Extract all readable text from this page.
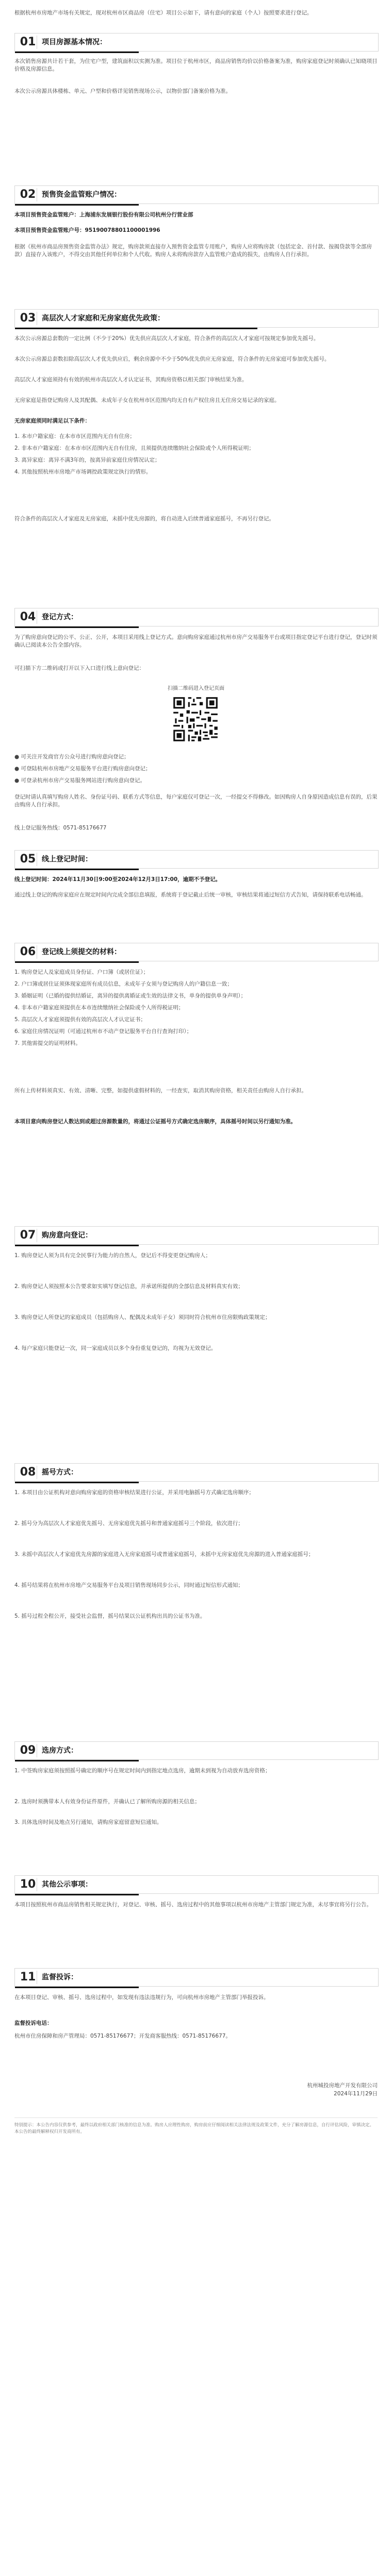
根据杭州市房地产市场有关规定，现对杭州市区商品房（住宅）项目公示如下，请有意向的家庭（个人）按照要求进行登记。

01 项目房源基本情况：

本次销售房源共计若干套，为住宅户型，建筑面积以实测为准。项目位于杭州市区，商品房销售均价以价格备案为准，购房家庭登记时须确认已知晓项目价格及房源信息。

本次公示房源具体楼栋、单元、户型和价格详见销售现场公示，以物价部门备案价格为准。

02 预售资金监管账户情况：

本项目预售资金监管账户：上海浦东发展银行股份有限公司杭州分行营业部

本项目预售资金监管账户号：95190078801100001996

根据《杭州市商品房预售资金监管办法》规定，购房款须直接存入预售资金监管专用账户，购房人应将购房款（包括定金、首付款、按揭贷款等全部房款）直接存入该账户，不得交由其他任何单位和个人代收。购房人未将购房款存入监管账户造成的损失，由购房人自行承担。

03 高层次人才家庭和无房家庭优先政策：

本次公示房源总套数的一定比例（不少于20%）优先供应高层次人才家庭，符合条件的高层次人才家庭可按规定参加优先摇号。

本次公示房源总套数扣除高层次人才优先供应后，剩余房源中不少于50%优先供应无房家庭，符合条件的无房家庭可参加优先摇号。

高层次人才家庭须持有有效的杭州市高层次人才认定证书，其购房资格以相关部门审核结果为准。

无房家庭是指登记购房人及其配偶、未成年子女在杭州市区范围内均无自有产权住房且无住房交易记录的家庭。

无房家庭须同时满足以下条件：

1. 本市户籍家庭：在本市市区范围内无自有住房；
2. 非本市户籍家庭：在本市市区范围内无自有住房，且须提供连续缴纳社会保险或个人所得税证明；
3. 离异家庭：离异不满3年的，按离异前家庭住房情况认定；
4. 其他按照杭州市房地产市场调控政策规定执行的情形。

符合条件的高层次人才家庭及无房家庭，未摇中优先房源的，将自动进入后续普通家庭摇号，不再另行登记。

04 登记方式：

为了购房意向登记的公平、公正、公开，本项目采用线上登记方式。意向购房家庭通过杭州市房产交易服务平台或项目指定登记平台进行登记，登记时须确认已阅读本公告全部内容。

可扫描下方二维码或打开以下入口进行线上意向登记：

扫描二维码进入登记页面
● 可关注开发商官方公众号进行购房意向登记；
● 可登陆杭州市房地产交易服务平台进行购房意向登记；
● 可登录杭州市房产交易服务网站进行购房意向登记。

登记时请认真填写购房人姓名、身份证号码、联系方式等信息，每户家庭仅可登记一次，一经提交不得修改。如因购房人自身原因造成信息有误的，后果由购房人自行承担。

线上登记服务热线：0571-85176677

05 线上登记时间：

线上登记时间：2024年11月30日9:00至2024年12月3日17:00，逾期不予登记。

通过线上登记的购房家庭应在规定时间内完成全部信息填报，系统将于登记截止后统一审核，审核结果将通过短信方式告知，请保持联系电话畅通。

06 登记线上须提交的材料：
1. 购房登记人及家庭成员身份证、户口簿（或居住证）；
2. 户口簿或居住证须体现家庭所有成员信息，未成年子女须与登记购房人的户籍信息一致；
3. 婚姻证明（已婚的提供结婚证，离异的提供离婚证或生效的法律文书，单身的提供单身声明）；
4. 非本市户籍家庭须提供在本市连续缴纳社会保险或个人所得税证明；
5. 高层次人才家庭须提供有效的高层次人才认定证书；
6. 家庭住房情况证明（可通过杭州市不动产登记服务平台自行查询打印）；
7. 其他需提交的证明材料。

所有上传材料须真实、有效、清晰、完整，如提供虚假材料的，一经查实，取消其购房资格，相关责任由购房人自行承担。

本项目意向购房登记人数达到或超过房源数量的，将通过公证摇号方式确定选房顺序，具体摇号时间以另行通知为准。

07 购房意向登记：

1. 购房登记人须为具有完全民事行为能力的自然人，登记后不得变更登记购房人；

2. 购房登记人须按照本公告要求如实填写登记信息，并承诺所提供的全部信息及材料真实有效；

3. 购房登记人所登记的家庭成员（包括购房人、配偶及未成年子女）须同时符合杭州市住房限购政策规定；

4. 每户家庭只能登记一次，同一家庭成员以多个身份重复登记的，均视为无效登记。

08 摇号方式：

1. 本项目由公证机构对意向购房家庭的资格审核结果进行公证，并采用电脑摇号方式确定选房顺序；

2. 摇号分为高层次人才家庭优先摇号、无房家庭优先摇号和普通家庭摇号三个阶段，依次进行；

3. 未摇中高层次人才家庭优先房源的家庭进入无房家庭摇号或普通家庭摇号，未摇中无房家庭优先房源的进入普通家庭摇号；

4. 摇号结果将在杭州市房地产交易服务平台及项目销售现场同步公示，同时通过短信形式通知；

5. 摇号过程全程公开，接受社会监督，摇号结果以公证机构出具的公证书为准。

09 选房方式：

1. 中签购房家庭须按照摇号确定的顺序号在规定时间内到指定地点选房，逾期未到视为自动放弃选房资格；

2. 选房时须携带本人有效身份证件原件，并确认已了解所购房源的相关信息；

3. 具体选房时间及地点另行通知，请购房家庭留意短信通知。

10 其他公示事项：

本项目按照杭州市商品房销售相关规定执行，对登记、审核、摇号、选房过程中的其他事项以杭州市房地产主管部门规定为准，未尽事宜将另行公告。

11 监督投诉：

在本项目登记、审核、摇号、选房过程中，如发现有违法违规行为，可向杭州市房地产主管部门举报投诉。

监督投诉电话：

杭州市住房保障和房产管理局：0571-85176677；开发商客服热线：0571-85176677。

杭州城投房地产开发有限公司
2024年11月29日
特别提示：本公告内容仅供参考，最终以政府相关部门核准的信息为准。购房人应理性购房，购房前应仔细阅读相关法律法规及政策文件，充分了解房源信息，自行评估风险，审慎决定。本公告的最终解释权归开发商所有。
